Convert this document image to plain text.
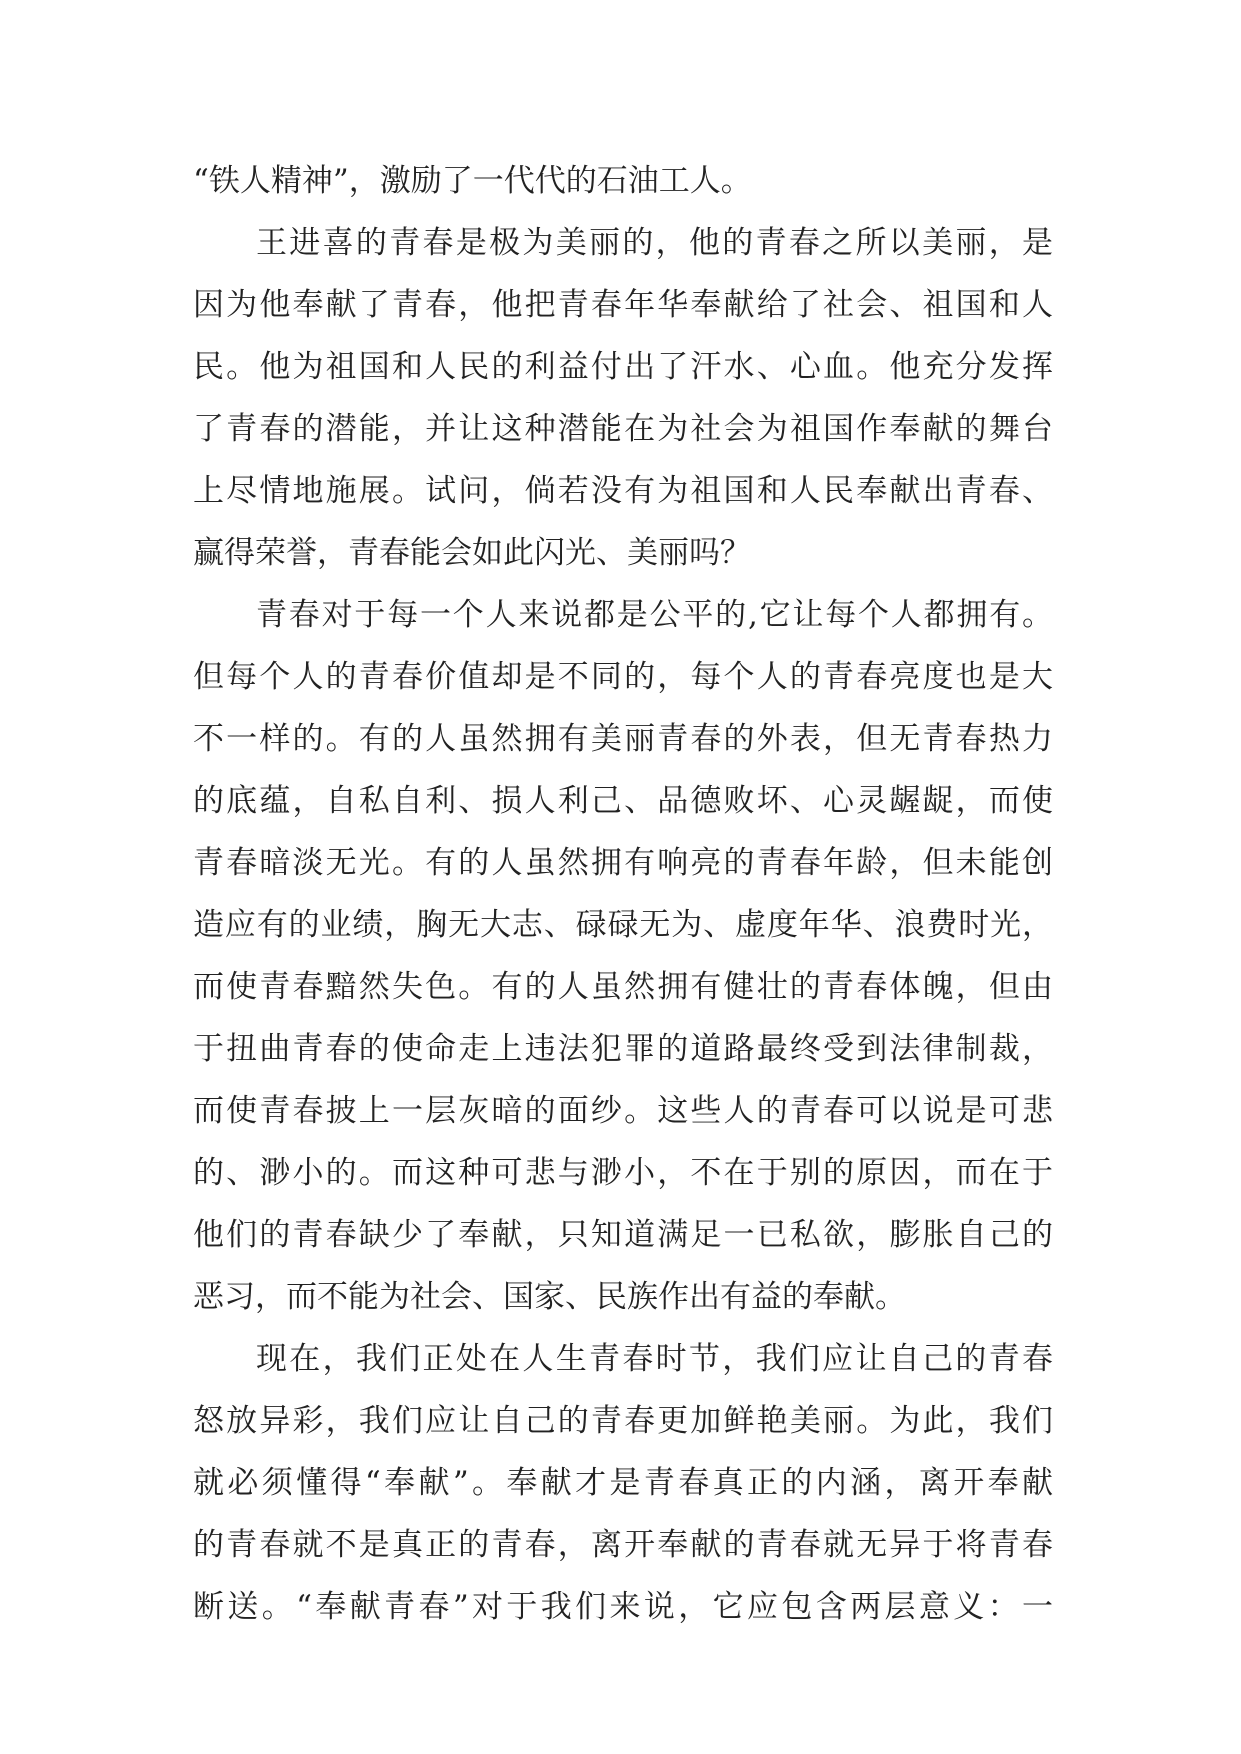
“铁人精神”，激励了一代代的石油工人。
王进喜的青春是极为美丽的，他的青春之所以美丽，是
因为他奉献了青春，他把青春年华奉献给了社会、祖国和人
民。他为祖国和人民的利益付出了汗水、心血。他充分发挥
了青春的潜能，并让这种潜能在为社会为祖国作奉献的舞台
上尽情地施展。试问，倘若没有为祖国和人民奉献出青春、
赢得荣誉，青春能会如此闪光、美丽吗？
青春对于每一个人来说都是公平的,它让每个人都拥有。
但每个人的青春价值却是不同的，每个人的青春亮度也是大
不一样的。有的人虽然拥有美丽青春的外表，但无青春热力
的底蕴，自私自利、损人利己、品德败坏、心灵龌龊，而使
青春暗淡无光。有的人虽然拥有响亮的青春年龄，但未能创
造应有的业绩，胸无大志、碌碌无为、虚度年华、浪费时光，
而使青春黯然失色。有的人虽然拥有健壮的青春体魄，但由
于扭曲青春的使命走上违法犯罪的道路最终受到法律制裁，
而使青春披上一层灰暗的面纱。这些人的青春可以说是可悲
的、渺小的。而这种可悲与渺小，不在于别的原因，而在于
他们的青春缺少了奉献，只知道满足一已私欲，膨胀自己的
恶习，而不能为社会、国家、民族作出有益的奉献。
现在，我们正处在人生青春时节，我们应让自己的青春
怒放异彩，我们应让自己的青春更加鲜艳美丽。为此，我们
就必须懂得“奉献”。奉献才是青春真正的内涵，离开奉献
的青春就不是真正的青春，离开奉献的青春就无异于将青春
断送。“奉献青春”对于我们来说，它应包含两层意义：一
